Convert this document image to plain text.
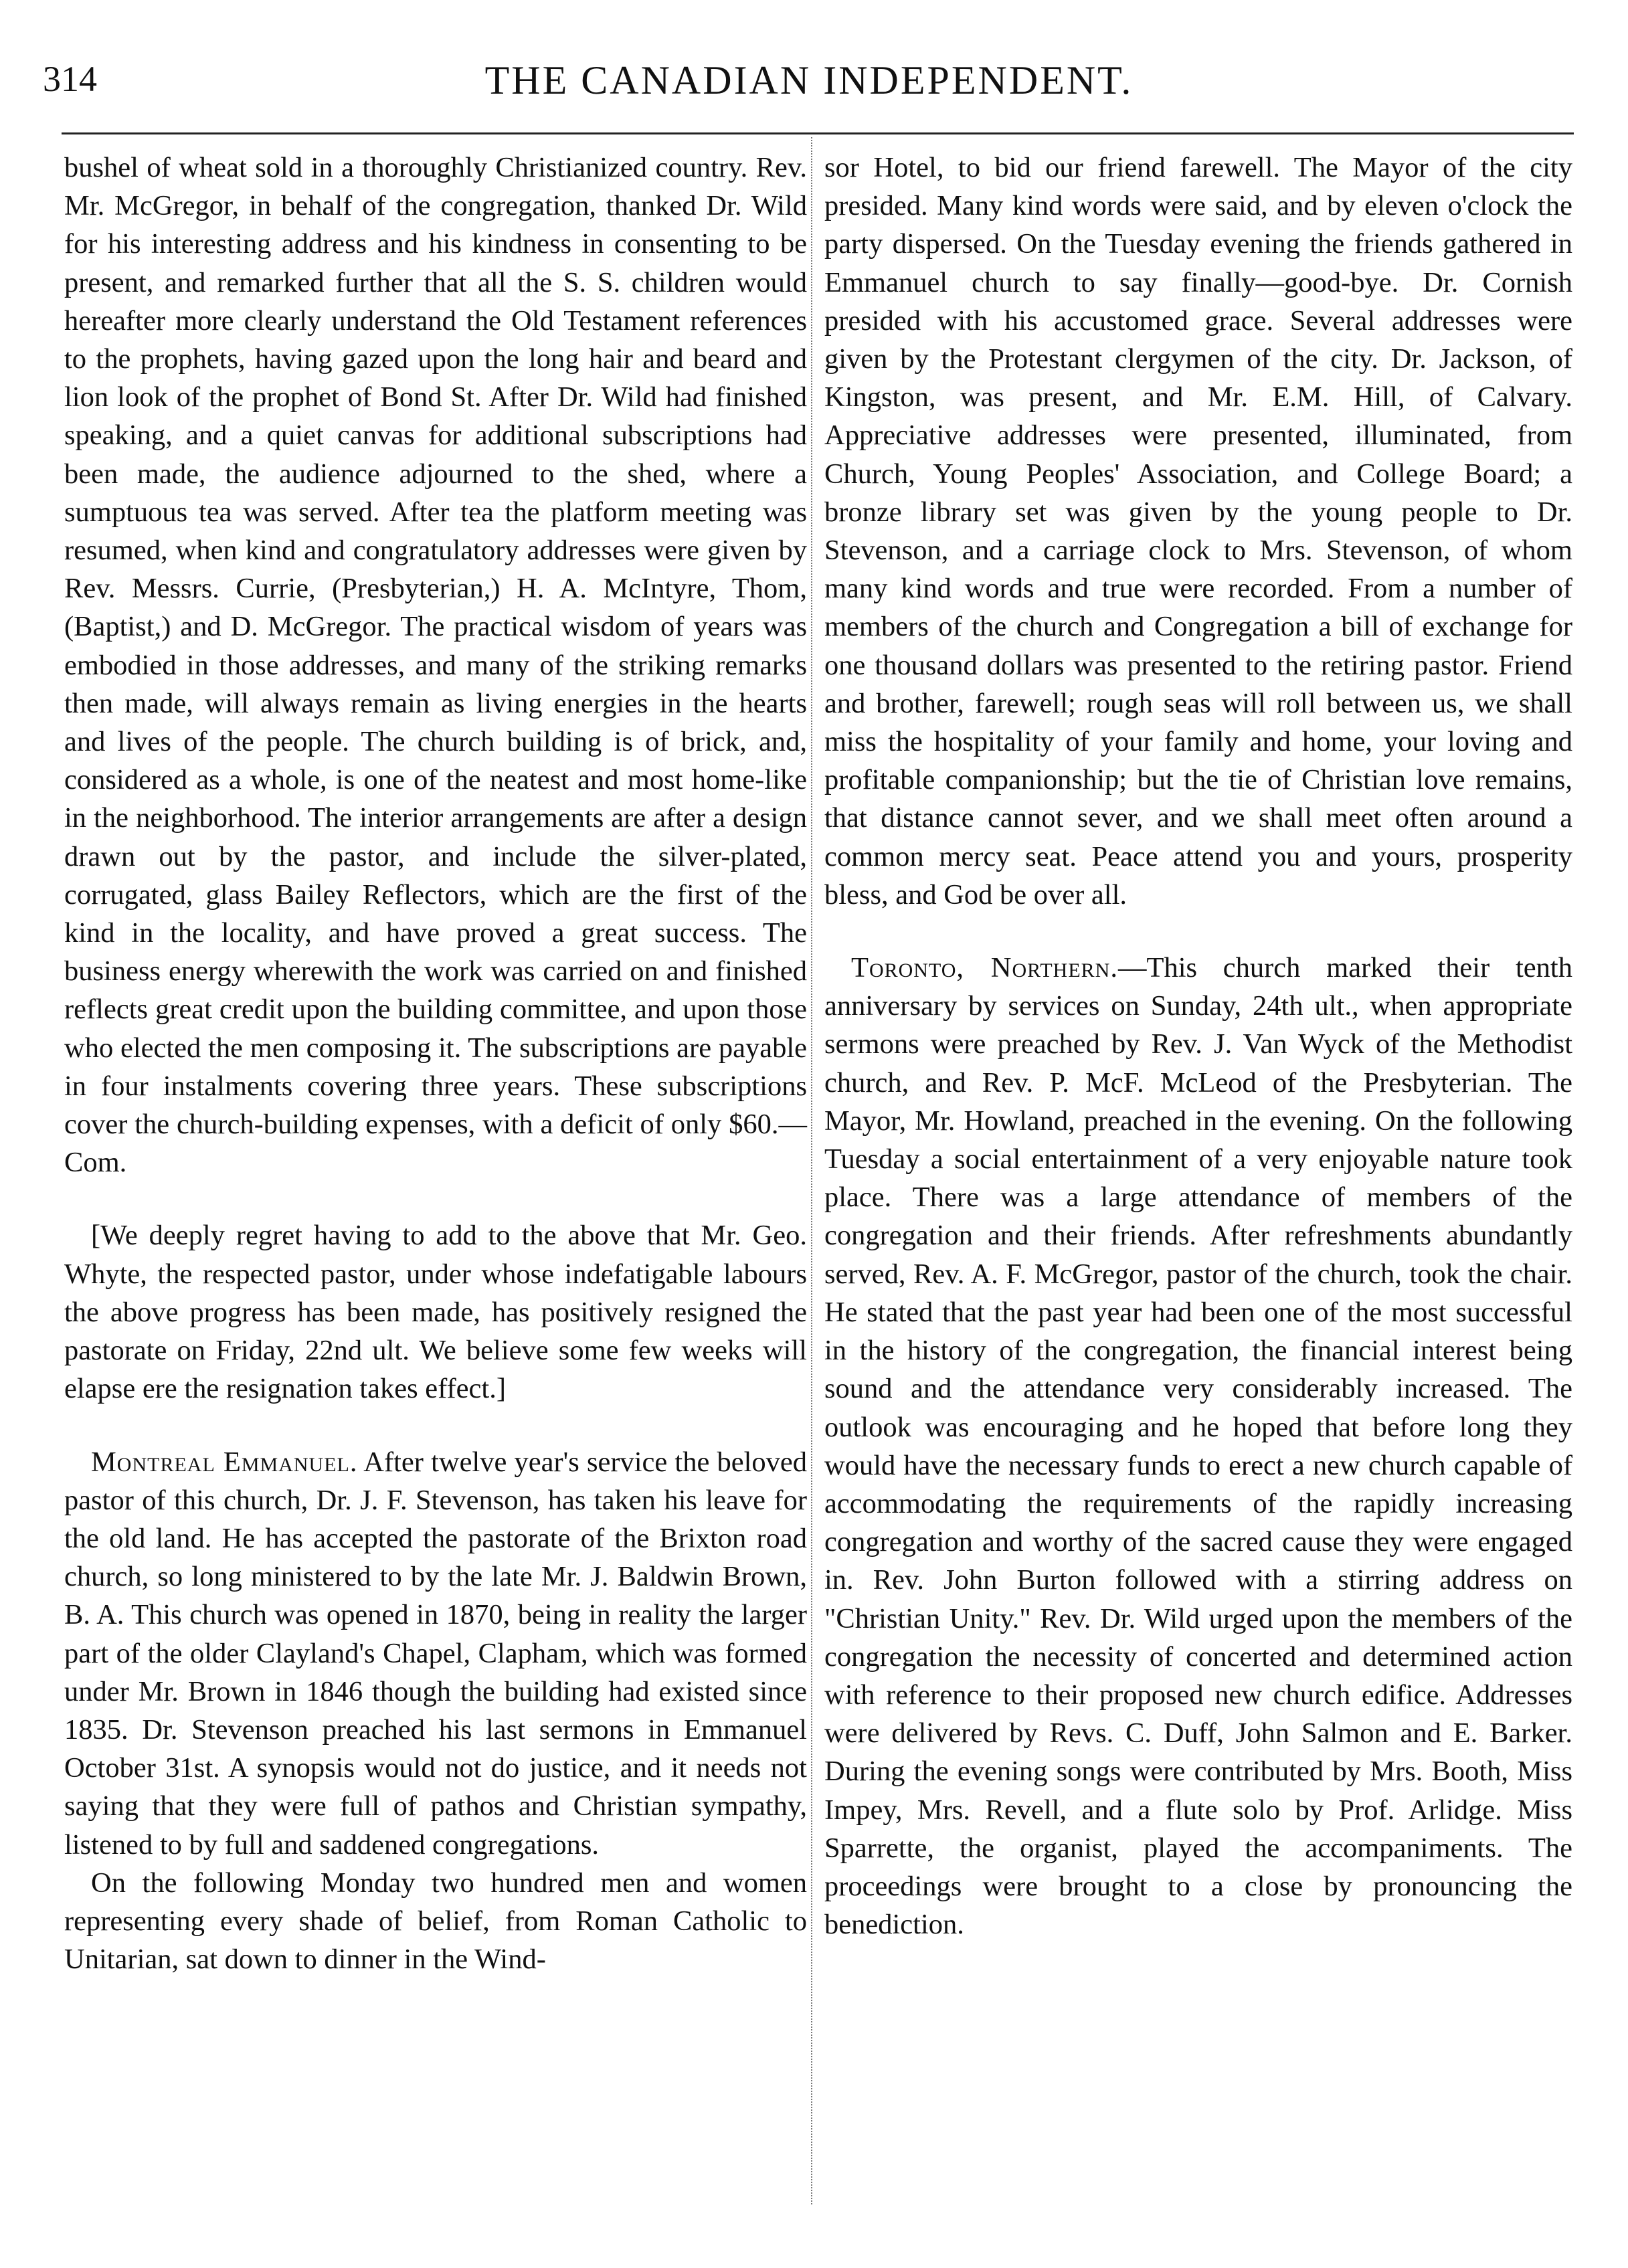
314	THE CANADIAN INDEPENDENT.

bushel of wheat sold in a thoroughly Christianized country. Rev. Mr. McGregor, in behalf of the congregation, thanked Dr. Wild for his interesting address and his kindness in consenting to be present, and remarked further that all the S. S. children would hereafter more clearly understand the Old Testament references to the prophets, having gazed upon the long hair and beard and lion look of the prophet of Bond St. After Dr. Wild had finished speaking, and a quiet canvas for additional subscriptions had been made, the audience adjourned to the shed, where a sumptuous tea was served. After tea the platform meeting was resumed, when kind and congratulatory addresses were given by Rev. Messrs. Currie, (Presbyterian,) H. A. McIntyre, Thom, (Baptist,) and D. McGregor. The practical wisdom of years was embodied in those addresses, and many of the striking remarks then made, will always remain as living energies in the hearts and lives of the people. The church building is of brick, and, considered as a whole, is one of the neatest and most home-like in the neighborhood. The interior arrangements are after a design drawn out by the pastor, and include the silver-plated, corrugated, glass Bailey Reflectors, which are the first of the kind in the locality, and have proved a great success. The business energy wherewith the work was carried on and finished reflects great credit upon the building committee, and upon those who elected the men composing it. The subscriptions are payable in four instalments covering three years. These subscriptions cover the church-building expenses, with a deficit of only $60.—Com.

[We deeply regret having to add to the above that Mr. Geo. Whyte, the respected pastor, under whose indefatigable labours the above progress has been made, has positively resigned the pastorate on Friday, 22nd ult. We believe some few weeks will elapse ere the resignation takes effect.]

Montreal Emmanuel. After twelve year's service the beloved pastor of this church, Dr. J. F. Stevenson, has taken his leave for the old land. He has accepted the pastorate of the Brixton road church, so long ministered to by the late Mr. J. Baldwin Brown, B. A. This church was opened in 1870, being in reality the larger part of the older Clayland's Chapel, Clapham, which was formed under Mr. Brown in 1846 though the building had existed since 1835. Dr. Stevenson preached his last sermons in Emmanuel October 31st. A synopsis would not do justice, and it needs not saying that they were full of pathos and Christian sympathy, listened to by full and saddened congregations.

On the following Monday two hundred men and women representing every shade of belief, from Roman Catholic to Unitarian, sat down to dinner in the Wind-

sor Hotel, to bid our friend farewell. The Mayor of the city presided. Many kind words were said, and by eleven o'clock the party dispersed. On the Tuesday evening the friends gathered in Emmanuel church to say finally—good-bye. Dr. Cornish presided with his accustomed grace. Several addresses were given by the Protestant clergymen of the city. Dr. Jackson, of Kingston, was present, and Mr. E.M. Hill, of Calvary. Appreciative addresses were presented, illuminated, from Church, Young Peoples' Association, and College Board; a bronze library set was given by the young people to Dr. Stevenson, and a carriage clock to Mrs. Stevenson, of whom many kind words and true were recorded. From a number of members of the church and Congregation a bill of exchange for one thousand dollars was presented to the retiring pastor. Friend and brother, farewell; rough seas will roll between us, we shall miss the hospitality of your family and home, your loving and profitable companionship; but the tie of Christian love remains, that distance cannot sever, and we shall meet often around a common mercy seat. Peace attend you and yours, prosperity bless, and God be over all.

Toronto, Northern.—This church marked their tenth anniversary by services on Sunday, 24th ult., when appropriate sermons were preached by Rev. J. Van Wyck of the Methodist church, and Rev. P. McF. McLeod of the Presbyterian. The Mayor, Mr. Howland, preached in the evening. On the following Tuesday a social entertainment of a very enjoyable nature took place. There was a large attendance of members of the congregation and their friends. After refreshments abundantly served, Rev. A. F. McGregor, pastor of the church, took the chair. He stated that the past year had been one of the most successful in the history of the congregation, the financial interest being sound and the attendance very considerably increased. The outlook was encouraging and he hoped that before long they would have the necessary funds to erect a new church capable of accommodating the requirements of the rapidly increasing congregation and worthy of the sacred cause they were engaged in. Rev. John Burton followed with a stirring address on "Christian Unity." Rev. Dr. Wild urged upon the members of the congregation the necessity of concerted and determined action with reference to their proposed new church edifice. Addresses were delivered by Revs. C. Duff, John Salmon and E. Barker. During the evening songs were contributed by Mrs. Booth, Miss Impey, Mrs. Revell, and a flute solo by Prof. Arlidge. Miss Sparrette, the organist, played the accompaniments. The proceedings were brought to a close by pronouncing the benediction.
